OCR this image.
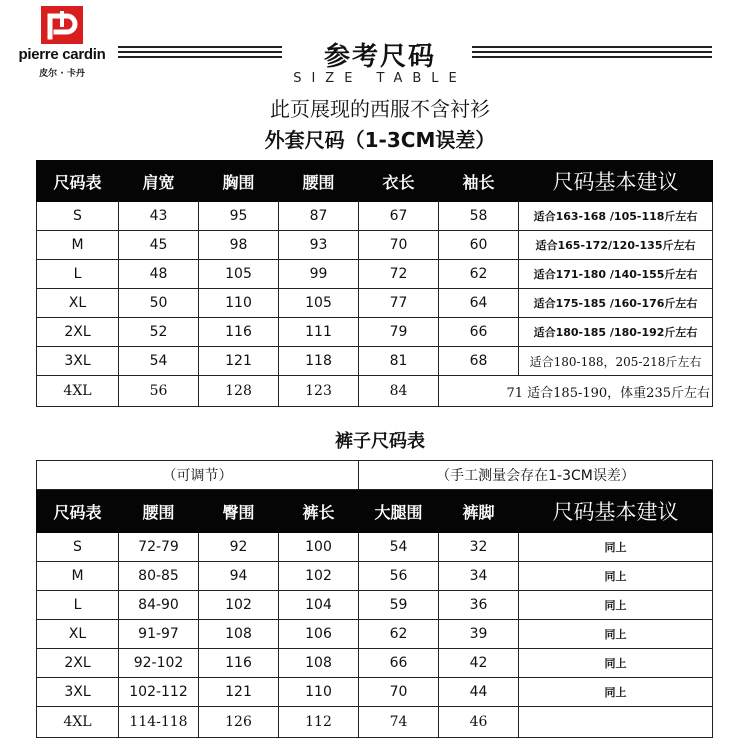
pierre cardin
皮尔 · 卡丹
参考尺码
SIZE TABLE
此页展现的西服不含衬衫
外套尺码（1-3CM误差）
尺码表	肩宽	胸围	腰围	衣长	袖长	尺码基本建议
S	43	95	87	67	58	适合163-168 /105-118斤左右
M	45	98	93	70	60	适合165-172/120-135斤左右
L	48	105	99	72	62	适合171-180 /140-155斤左右
XL	50	110	105	77	64	适合175-185 /160-176斤左右
2XL	52	116	111	79	66	适合180-185 /180-192斤左右
3XL	54	121	118	81	68	适合180-188，205-218斤左右
4XL	56	128	123	84	71 适合185-190，体重235斤左右	
裤子尺码表
（可调节）				（手工测量会存在1-3CM误差）		
尺码表	腰围	臀围	裤长	大腿围	裤脚	尺码基本建议
S	72-79	92	100	54	32	同上
M	80-85	94	102	56	34	同上
L	84-90	102	104	59	36	同上
XL	91-97	108	106	62	39	同上
2XL	92-102	116	108	66	42	同上
3XL	102-112	121	110	70	44	同上
4XL	114-118	126	112	74	46	
